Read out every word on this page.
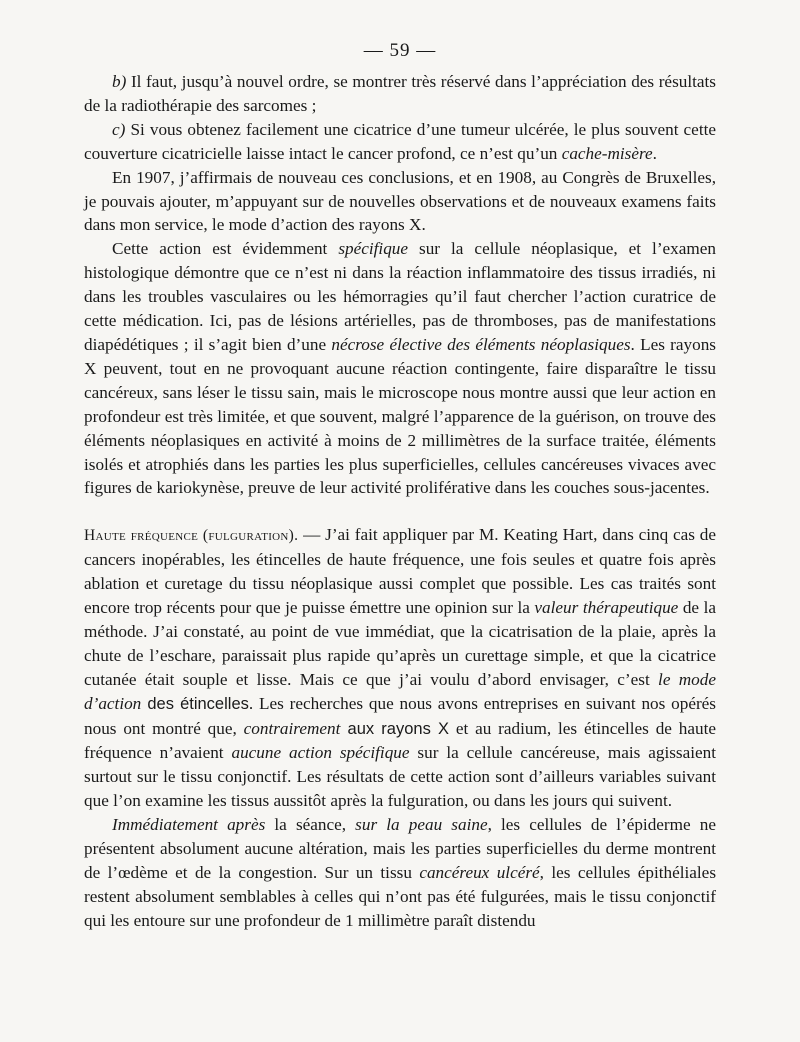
— 59 —

b) Il faut, jusqu’à nouvel ordre, se montrer très réservé dans l’appréciation des résultats de la radiothérapie des sarcomes ;

c) Si vous obtenez facilement une cicatrice d’une tumeur ulcérée, le plus souvent cette couverture cicatricielle laisse intact le cancer profond, ce n’est qu’un cache-misère.

En 1907, j’affirmais de nouveau ces conclusions, et en 1908, au Congrès de Bruxelles, je pouvais ajouter, m’appuyant sur de nouvelles observations et de nouveaux examens faits dans mon service, le mode d’action des rayons X.

Cette action est évidemment spécifique sur la cellule néoplasique, et l’examen histologique démontre que ce n’est ni dans la réaction inflammatoire des tissus irradiés, ni dans les troubles vasculaires ou les hémorragies qu’il faut chercher l’action curatrice de cette médication. Ici, pas de lésions artérielles, pas de thromboses, pas de manifestations diapédétiques ; il s’agit bien d’une nécrose élective des éléments néoplasiques. Les rayons X peuvent, tout en ne provoquant aucune réaction contingente, faire disparaître le tissu cancéreux, sans léser le tissu sain, mais le microscope nous montre aussi que leur action en profondeur est très limitée, et que souvent, malgré l’apparence de la guérison, on trouve des éléments néoplasiques en activité à moins de 2 millimètres de la surface traitée, éléments isolés et atrophiés dans les parties les plus superficielles, cellules cancéreuses vivaces avec figures de kariokynèse, preuve de leur activité proliférative dans les couches sous-jacentes.

Haute fréquence (fulguration). — J’ai fait appliquer par M. Keating Hart, dans cinq cas de cancers inopérables, les étincelles de haute fréquence, une fois seules et quatre fois après ablation et curetage du tissu néoplasique aussi complet que possible. Les cas traités sont encore trop récents pour que je puisse émettre une opinion sur la valeur thérapeutique de la méthode. J’ai constaté, au point de vue immédiat, que la cicatrisation de la plaie, après la chute de l’eschare, paraissait plus rapide qu’après un curettage simple, et que la cicatrice cutanée était souple et lisse. Mais ce que j’ai voulu d’abord envisager, c’est le mode d’action des étincelles. Les recherches que nous avons entreprises en suivant nos opérés nous ont montré que, contrairement aux rayons X et au radium, les étincelles de haute fréquence n’avaient aucune action spécifique sur la cellule cancéreuse, mais agissaient surtout sur le tissu conjonctif. Les résultats de cette action sont d’ailleurs variables suivant que l’on examine les tissus aussitôt après la fulguration, ou dans les jours qui suivent.

Immédiatement après la séance, sur la peau saine, les cellules de l’épiderme ne présentent absolument aucune altération, mais les parties superficielles du derme montrent de l’œdème et de la congestion. Sur un tissu cancéreux ulcéré, les cellules épithéliales restent absolument semblables à celles qui n’ont pas été fulgurées, mais le tissu conjonctif qui les entoure sur une profondeur de 1 millimètre paraît distendu
